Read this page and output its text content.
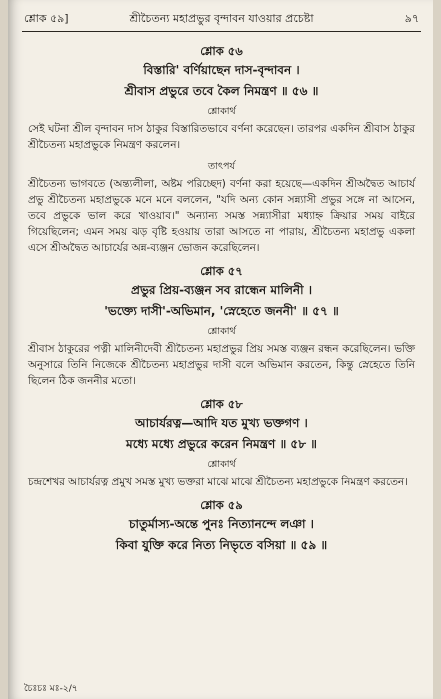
শ্লোক ৫৯]	শ্রীচৈতন্য মহাপ্রভুর বৃন্দাবন যাওয়ার প্রচেষ্টা	৯৭
শ্লোক ৫৬
বিস্তারি' বর্ণিয়াছেন দাস-বৃন্দাবন ।
শ্রীবাস প্রভুরে তবে কৈল নিমন্ত্রণ ॥ ৫৬ ॥
শ্লোকার্থ

সেই ঘটনা শ্রীল বৃন্দাবন দাস ঠাকুর বিস্তারিতভাবে বর্ণনা করেছেন। তারপর একদিন শ্রীবাস ঠাকুর শ্রীচৈতন্য মহাপ্রভুকে নিমন্ত্রণ করলেন।

তাৎপর্য

শ্রীচৈতন্য ভাগবতে (অন্ত্যলীলা, অষ্টম পরিচ্ছেদ) বর্ণনা করা হয়েছে—একদিন শ্রীঅদ্বৈত আচার্য প্রভু শ্রীচৈতন্য মহাপ্রভুকে মনে মনে বললেন, "যদি অন্য কোন সন্ন্যাসী প্রভুর সঙ্গে না আসেন, তবে প্রভুকে ভাল করে খাওয়াব।" অন্যান্য সমস্ত সন্ন্যাসীরা মধ্যাহ্ন ক্রিয়ার সময় বাইরে গিয়েছিলেন; এমন সময় ঝড় বৃষ্টি হওয়ায় তারা আসতে না পারায়, শ্রীচৈতন্য মহাপ্রভু একলা এসে শ্রীঅদ্বৈত আচার্যের অন্ন-ব্যঞ্জন ভোজন করেছিলেন।

শ্লোক ৫৭
প্রভুর প্রিয়-ব্যঞ্জন সব রান্ধেন মালিনী ।
'ভক্ত্যে দাসী'-অভিমান, 'স্নেহেতে জননী' ॥ ৫৭ ॥
শ্লোকার্থ

শ্রীবাস ঠাকুরের পত্নী মালিনীদেবী শ্রীচৈতন্য মহাপ্রভুর প্রিয় সমস্ত ব্যঞ্জন রন্ধন করেছিলেন। ভক্তি অনুসারে তিনি নিজেকে শ্রীচৈতন্য মহাপ্রভুর দাসী বলে অভিমান করতেন, কিন্তু স্নেহেতে তিনি ছিলেন ঠিক জননীর মতো।

শ্লোক ৫৮
আচার্যরত্ন—আদি যত মুখ্য ভক্তগণ ।
মধ্যে মধ্যে প্রভুরে করেন নিমন্ত্রণ ॥ ৫৮ ॥
শ্লোকার্থ

চন্দ্রশেখর আচার্যরত্ন প্রমুখ সমস্ত মুখ্য ভক্তরা মাঝে মাঝে শ্রীচৈতন্য মহাপ্রভুকে নিমন্ত্রণ করতেন।

শ্লোক ৫৯
চাতুর্মাস্য-অন্তে পুনঃ নিত্যানন্দে লঞা ।
কিবা যুক্তি করে নিত্য নিভৃতে বসিয়া ॥ ৫৯ ॥
চৈঃচঃ মঃ-২/৭
